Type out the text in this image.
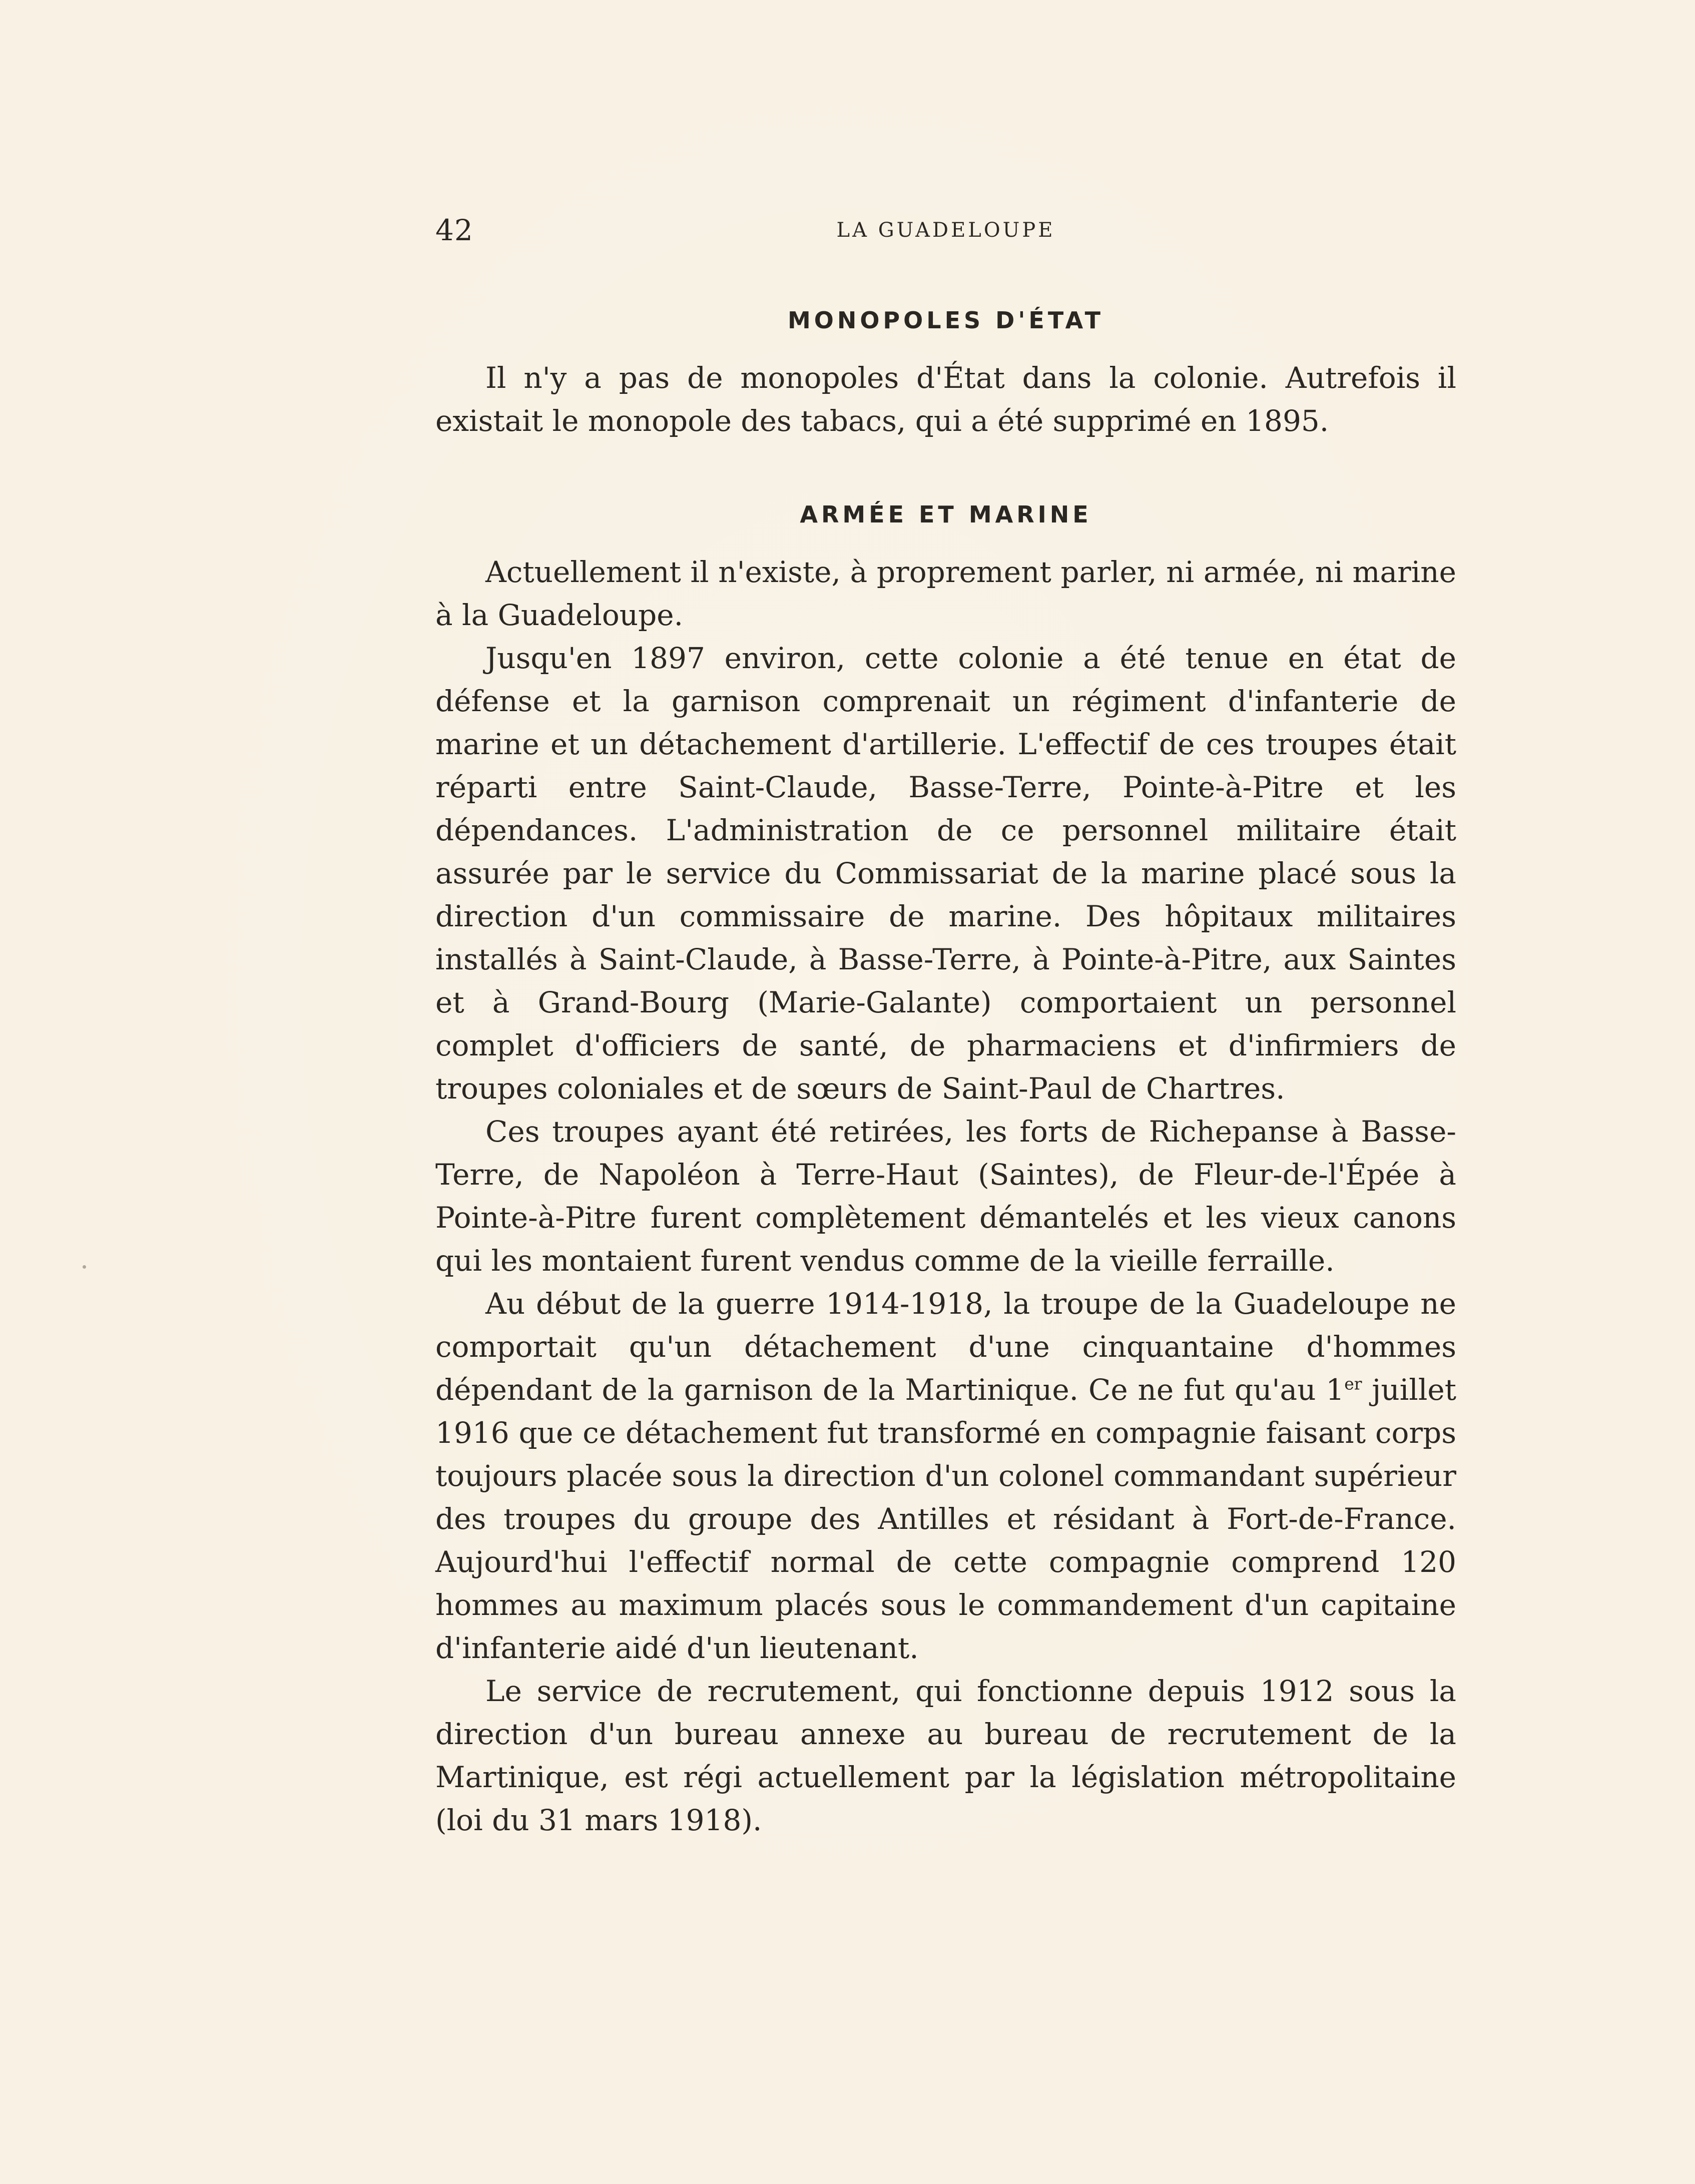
42	LA GUADELOUPE
MONOPOLES D'ÉTAT

Il n'y a pas de monopoles d'État dans la colonie. Autrefois il existait le monopole des tabacs, qui a été supprimé en 1895.

ARMÉE ET MARINE

Actuellement il n'existe, à proprement parler, ni armée, ni marine à la Guadeloupe.

Jusqu'en 1897 environ, cette colonie a été tenue en état de défense et la garnison comprenait un régiment d'infanterie de marine et un détachement d'artillerie. L'effectif de ces troupes était réparti entre Saint-Claude, Basse-Terre, Pointe-à-Pitre et les dépendances. L'administration de ce personnel militaire était assurée par le service du Commissariat de la marine placé sous la direction d'un commissaire de marine. Des hôpitaux militaires installés à Saint-Claude, à Basse-Terre, à Pointe-à-Pitre, aux Saintes et à Grand-Bourg (Marie-Galante) comportaient un personnel complet d'officiers de santé, de pharmaciens et d'infirmiers de troupes coloniales et de sœurs de Saint-Paul de Chartres.

Ces troupes ayant été retirées, les forts de Richepanse à Basse-Terre, de Napoléon à Terre-Haut (Saintes), de Fleur-de-l'Épée à Pointe-à-Pitre furent complètement démantelés et les vieux canons qui les montaient furent vendus comme de la vieille ferraille.

Au début de la guerre 1914-1918, la troupe de la Guadeloupe ne comportait qu'un détachement d'une cinquantaine d'hommes dépendant de la garnison de la Martinique. Ce ne fut qu'au 1er juillet 1916 que ce détachement fut transformé en compagnie faisant corps toujours placée sous la direction d'un colonel commandant supérieur des troupes du groupe des Antilles et résidant à Fort-de-France. Aujourd'hui l'effectif normal de cette compagnie comprend 120 hommes au maximum placés sous le commandement d'un capitaine d'infanterie aidé d'un lieutenant.

Le service de recrutement, qui fonctionne depuis 1912 sous la direction d'un bureau annexe au bureau de recrutement de la Martinique, est régi actuellement par la législation métropolitaine (loi du 31 mars 1918).
